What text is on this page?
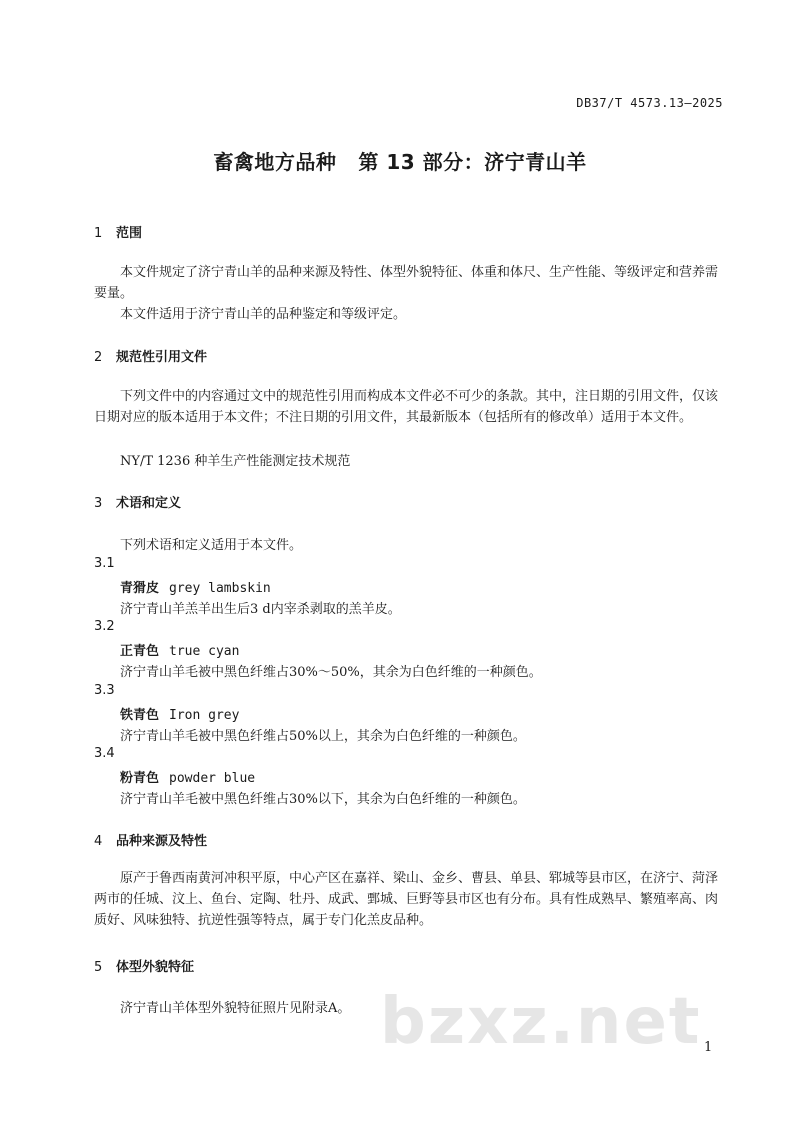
DB37/T 4573.13—2025
畜禽地方品种 第 13 部分：济宁青山羊
1 范围
本文件规定了济宁青山羊的品种来源及特性、体型外貌特征、体重和体尺、生产性能、等级评定和营养需要量。
本文件适用于济宁青山羊的品种鉴定和等级评定。
2 规范性引用文件
下列文件中的内容通过文中的规范性引用而构成本文件必不可少的条款。其中，注日期的引用文件，仅该日期对应的版本适用于本文件；不注日期的引用文件，其最新版本（包括所有的修改单）适用于本文件。
NY/T 1236 种羊生产性能测定技术规范
3 术语和定义
下列术语和定义适用于本文件。
3.1
青猾皮 grey lambskin
济宁青山羊羔羊出生后3 d内宰杀剥取的羔羊皮。
3.2
正青色 true cyan
济宁青山羊毛被中黑色纤维占30%～50%，其余为白色纤维的一种颜色。
3.3
铁青色 Iron grey
济宁青山羊毛被中黑色纤维占50%以上，其余为白色纤维的一种颜色。
3.4
粉青色 powder blue
济宁青山羊毛被中黑色纤维占30%以下，其余为白色纤维的一种颜色。
4 品种来源及特性
原产于鲁西南黄河冲积平原，中心产区在嘉祥、梁山、金乡、曹县、单县、郓城等县市区，在济宁、菏泽两市的任城、汶上、鱼台、定陶、牡丹、成武、鄄城、巨野等县市区也有分布。具有性成熟早、繁殖率高、肉质好、风味独特、抗逆性强等特点，属于专门化羔皮品种。
5 体型外貌特征
济宁青山羊体型外貌特征照片见附录A。 bzxz.net 1
